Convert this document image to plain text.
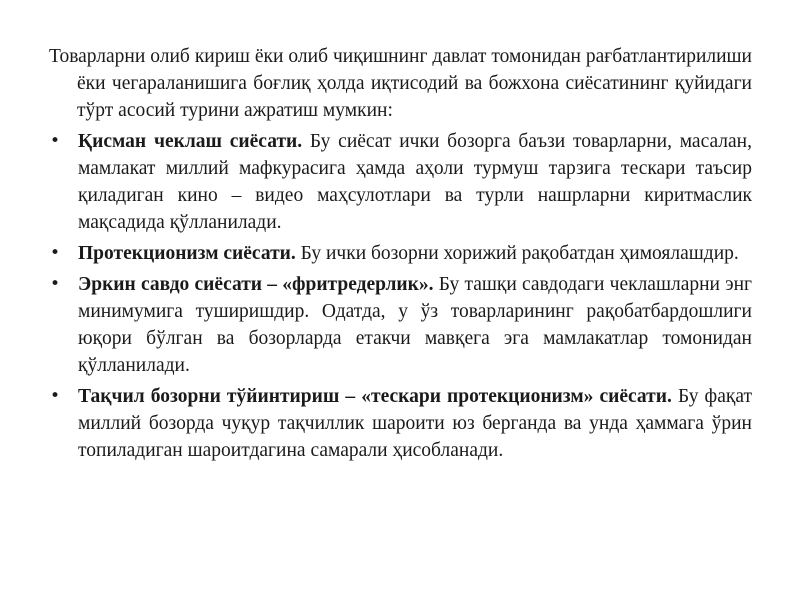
Товарларни олиб кириш ёки олиб чиқишнинг давлат томонидан рағбатлантирилиши ёки чегараланишига боғлиқ ҳолда иқтисодий ва божхона сиёсатининг қуйидаги тўрт асосий турини ажратиш мумкин:

• Қисман чеклаш сиёсати. Бу сиёсат ички бозорга баъзи товарларни, масалан, мамлакат миллий мафкурасига ҳамда аҳоли турмуш тарзига тескари таъсир қиладиган кино – видео маҳсулотлари ва турли нашрларни киритмаслик мақсадида қўлланилади.
• Протекционизм сиёсати. Бу ички бозорни хорижий рақобатдан ҳимоялашдир.
• Эркин савдо сиёсати – «фритредерлик». Бу ташқи савдодаги чеклашларни энг минимумига туширишдир. Одатда, у ўз товарларининг рақобатбардошлиги юқори бўлган ва бозорларда етакчи мавқега эга мамлакатлар томонидан қўлланилади.
• Тақчил бозорни тўйинтириш – «тескари протекционизм» сиёсати. Бу фақат миллий бозорда чуқур тақчиллик шароити юз берганда ва унда ҳаммага ўрин топиладиган шароитдагина самарали ҳисобланади.
